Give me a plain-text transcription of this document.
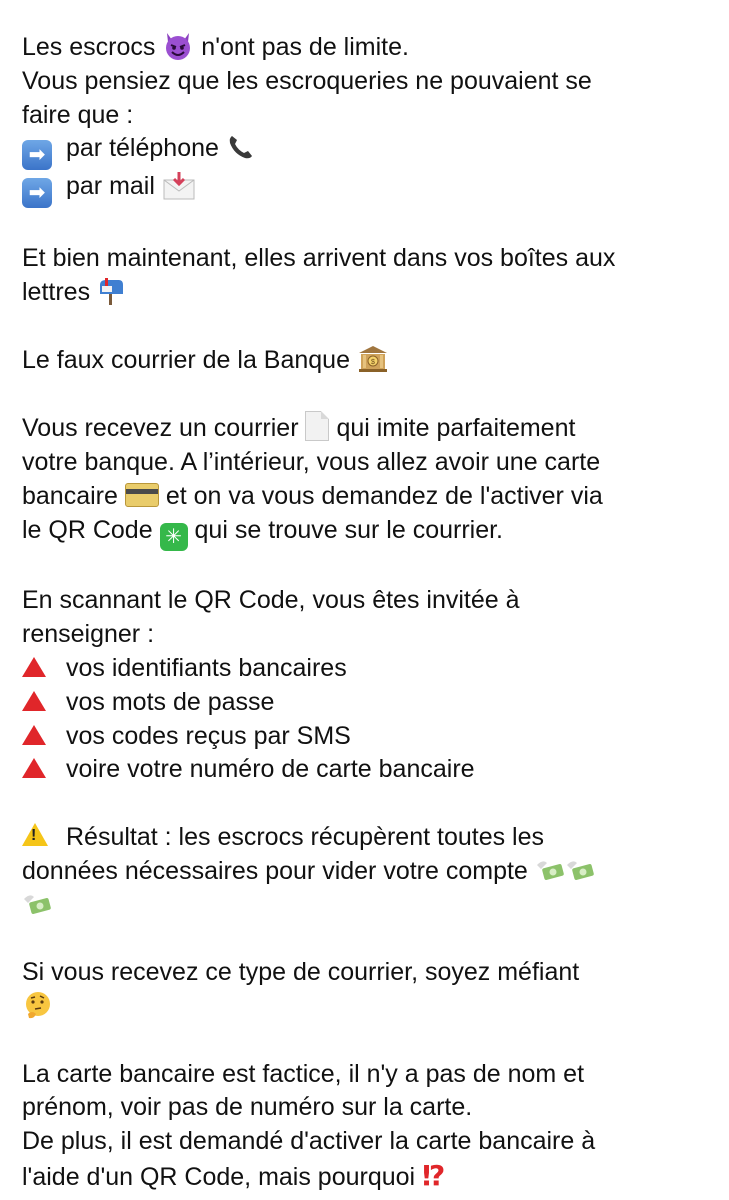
Les escrocs n'ont pas de limite.
Vous pensiez que les escroqueries ne pouvaient se
faire que :
➡ par téléphone
➡ par mail
Et bien maintenant, elles arrivent dans vos boîtes aux
lettres
Le faux courrier de la Banque	$
Vous recevez un courrier qui imite parfaitement
votre banque. A l’intérieur, vous allez avoir une carte
bancaire et on va vous demandez de l'activer via
le QR Code ✳ qui se trouve sur le courrier.
En scannant le QR Code, vous êtes invitée à
renseigner :
vos identifiants bancaires
vos mots de passe
vos codes reçus par SMS
voire votre numéro de carte bancaire
!Résultat : les escrocs récupèrent toutes les
données nécessaires pour vider votre compte
Si vous recevez ce type de courrier, soyez méfiant
La carte bancaire est factice, il n'y a pas de nom et
prénom, voir pas de numéro sur la carte.
De plus, il est demandé d'activer la carte bancaire à
l'aide d'un QR Code, mais pourquoi ⁉
